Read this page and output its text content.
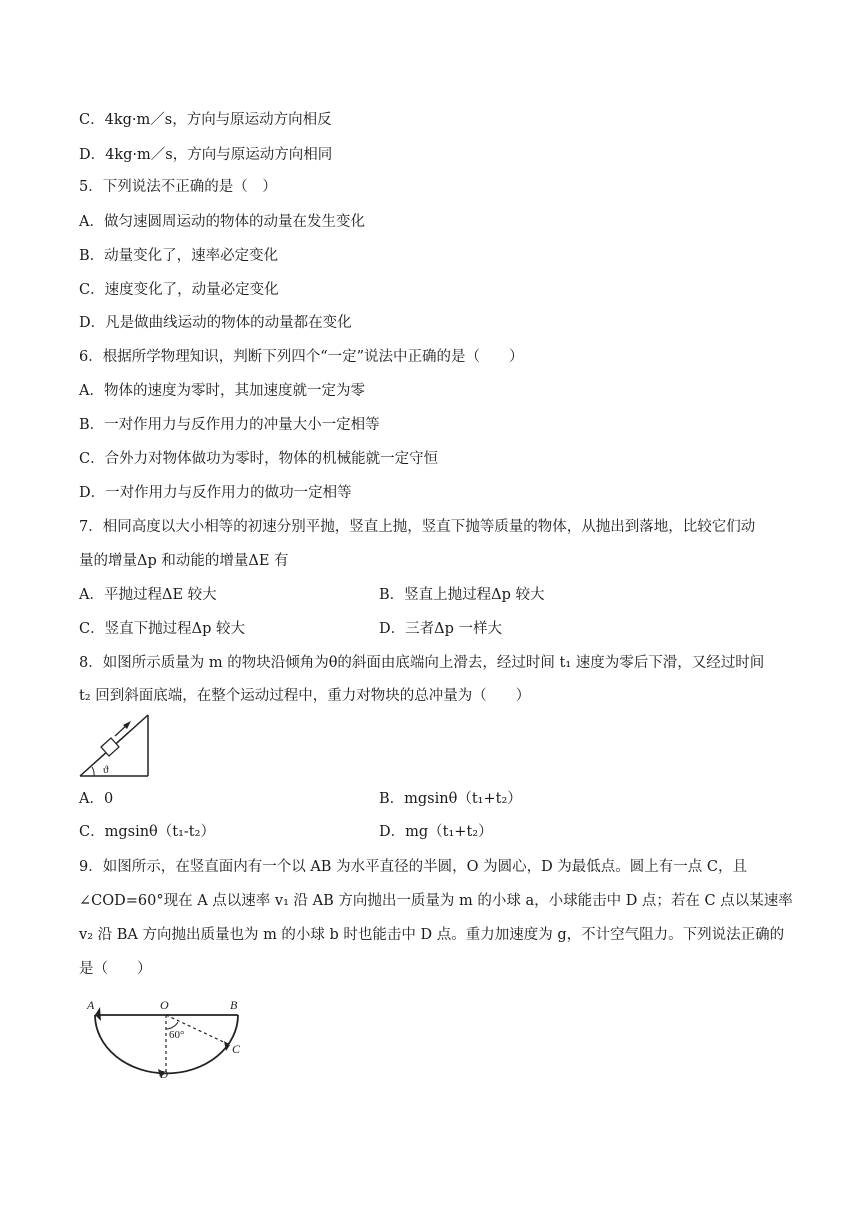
C．4kg·m／s，方向与原运动方向相反
D．4kg·m／s，方向与原运动方向相同
5．下列说法不正确的是（　）
A．做匀速圆周运动的物体的动量在发生变化
B．动量变化了，速率必定变化
C．速度变化了，动量必定变化
D．凡是做曲线运动的物体的动量都在变化
6．根据所学物理知识，判断下列四个“一定”说法中正确的是（　　）
A．物体的速度为零时，其加速度就一定为零
B．一对作用力与反作用力的冲量大小一定相等
C．合外力对物体做功为零时，物体的机械能就一定守恒
D．一对作用力与反作用力的做功一定相等
7．相同高度以大小相等的初速分别平抛，竖直上抛，竖直下抛等质量的物体，从抛出到落地，比较它们动
量的增量Δp 和动能的增量ΔE 有
A．平抛过程ΔE 较大	B．竖直上抛过程Δp 较大
C．竖直下抛过程Δp 较大	D．三者Δp 一样大
8．如图所示质量为 m 的物块沿倾角为θ的斜面由底端向上滑去，经过时间 t₁ 速度为零后下滑，又经过时间
t₂ 回到斜面底端，在整个运动过程中，重力对物块的总冲量为（　　）
ϑ
A．0	B．mgsinθ（t₁+t₂）
C．mgsinθ（t₁-t₂）	D．mg（t₁+t₂）
9．如图所示，在竖直面内有一个以 AB 为水平直径的半圆，O 为圆心，D 为最低点。圆上有一点 C，且
∠COD=60°现在 A 点以速率 v₁ 沿 AB 方向抛出一质量为 m 的小球 a，小球能击中 D 点；若在 C 点以某速率
v₂ 沿 BA 方向抛出质量也为 m 的小球 b 时也能击中 D 点。重力加速度为 g，不计空气阻力。下列说法正确的
是（　　）
A	O	B
C
D
60°
